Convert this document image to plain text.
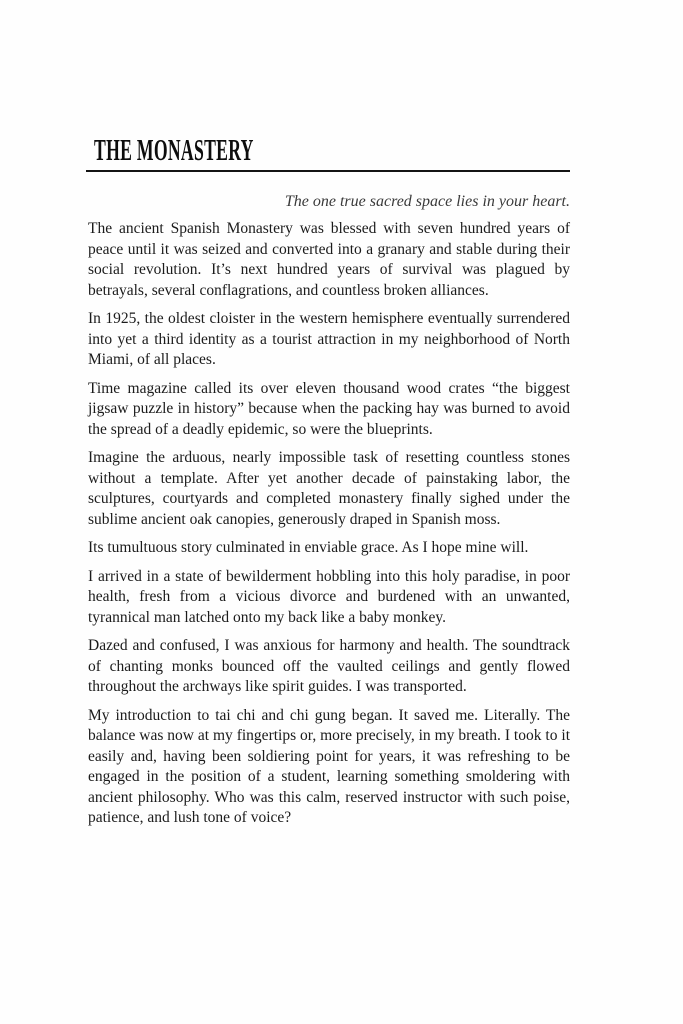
THE MONASTERY

The one true sacred space lies in your heart.

The ancient Spanish Monastery was blessed with seven hundred years of peace until it was seized and converted into a granary and stable during their social revolution. It’s next hundred years of survival was plagued by betrayals, several conflagrations, and countless broken alliances.

In 1925, the oldest cloister in the western hemisphere eventually surrendered into yet a third identity as a tourist attraction in my neighborhood of North Miami, of all places.

Time magazine called its over eleven thousand wood crates “the biggest jigsaw puzzle in history” because when the packing hay was burned to avoid the spread of a deadly epidemic, so were the blueprints.

Imagine the arduous, nearly impossible task of resetting countless stones without a template. After yet another decade of painstaking labor, the sculptures, courtyards and completed monastery finally sighed under the sublime ancient oak canopies, generously draped in Spanish moss.

Its tumultuous story culminated in enviable grace. As I hope mine will.

I arrived in a state of bewilderment hobbling into this holy paradise, in poor health, fresh from a vicious divorce and burdened with an unwanted, tyrannical man latched onto my back like a baby monkey.

Dazed and confused, I was anxious for harmony and health. The soundtrack of chanting monks bounced off the vaulted ceilings and gently flowed throughout the archways like spirit guides. I was transported.

My introduction to tai chi and chi gung began. It saved me. Literally. The balance was now at my fingertips or, more precisely, in my breath. I took to it easily and, having been soldiering point for years, it was refreshing to be engaged in the position of a student, learning something smoldering with ancient philosophy. Who was this calm, reserved instructor with such poise, patience, and lush tone of voice?
